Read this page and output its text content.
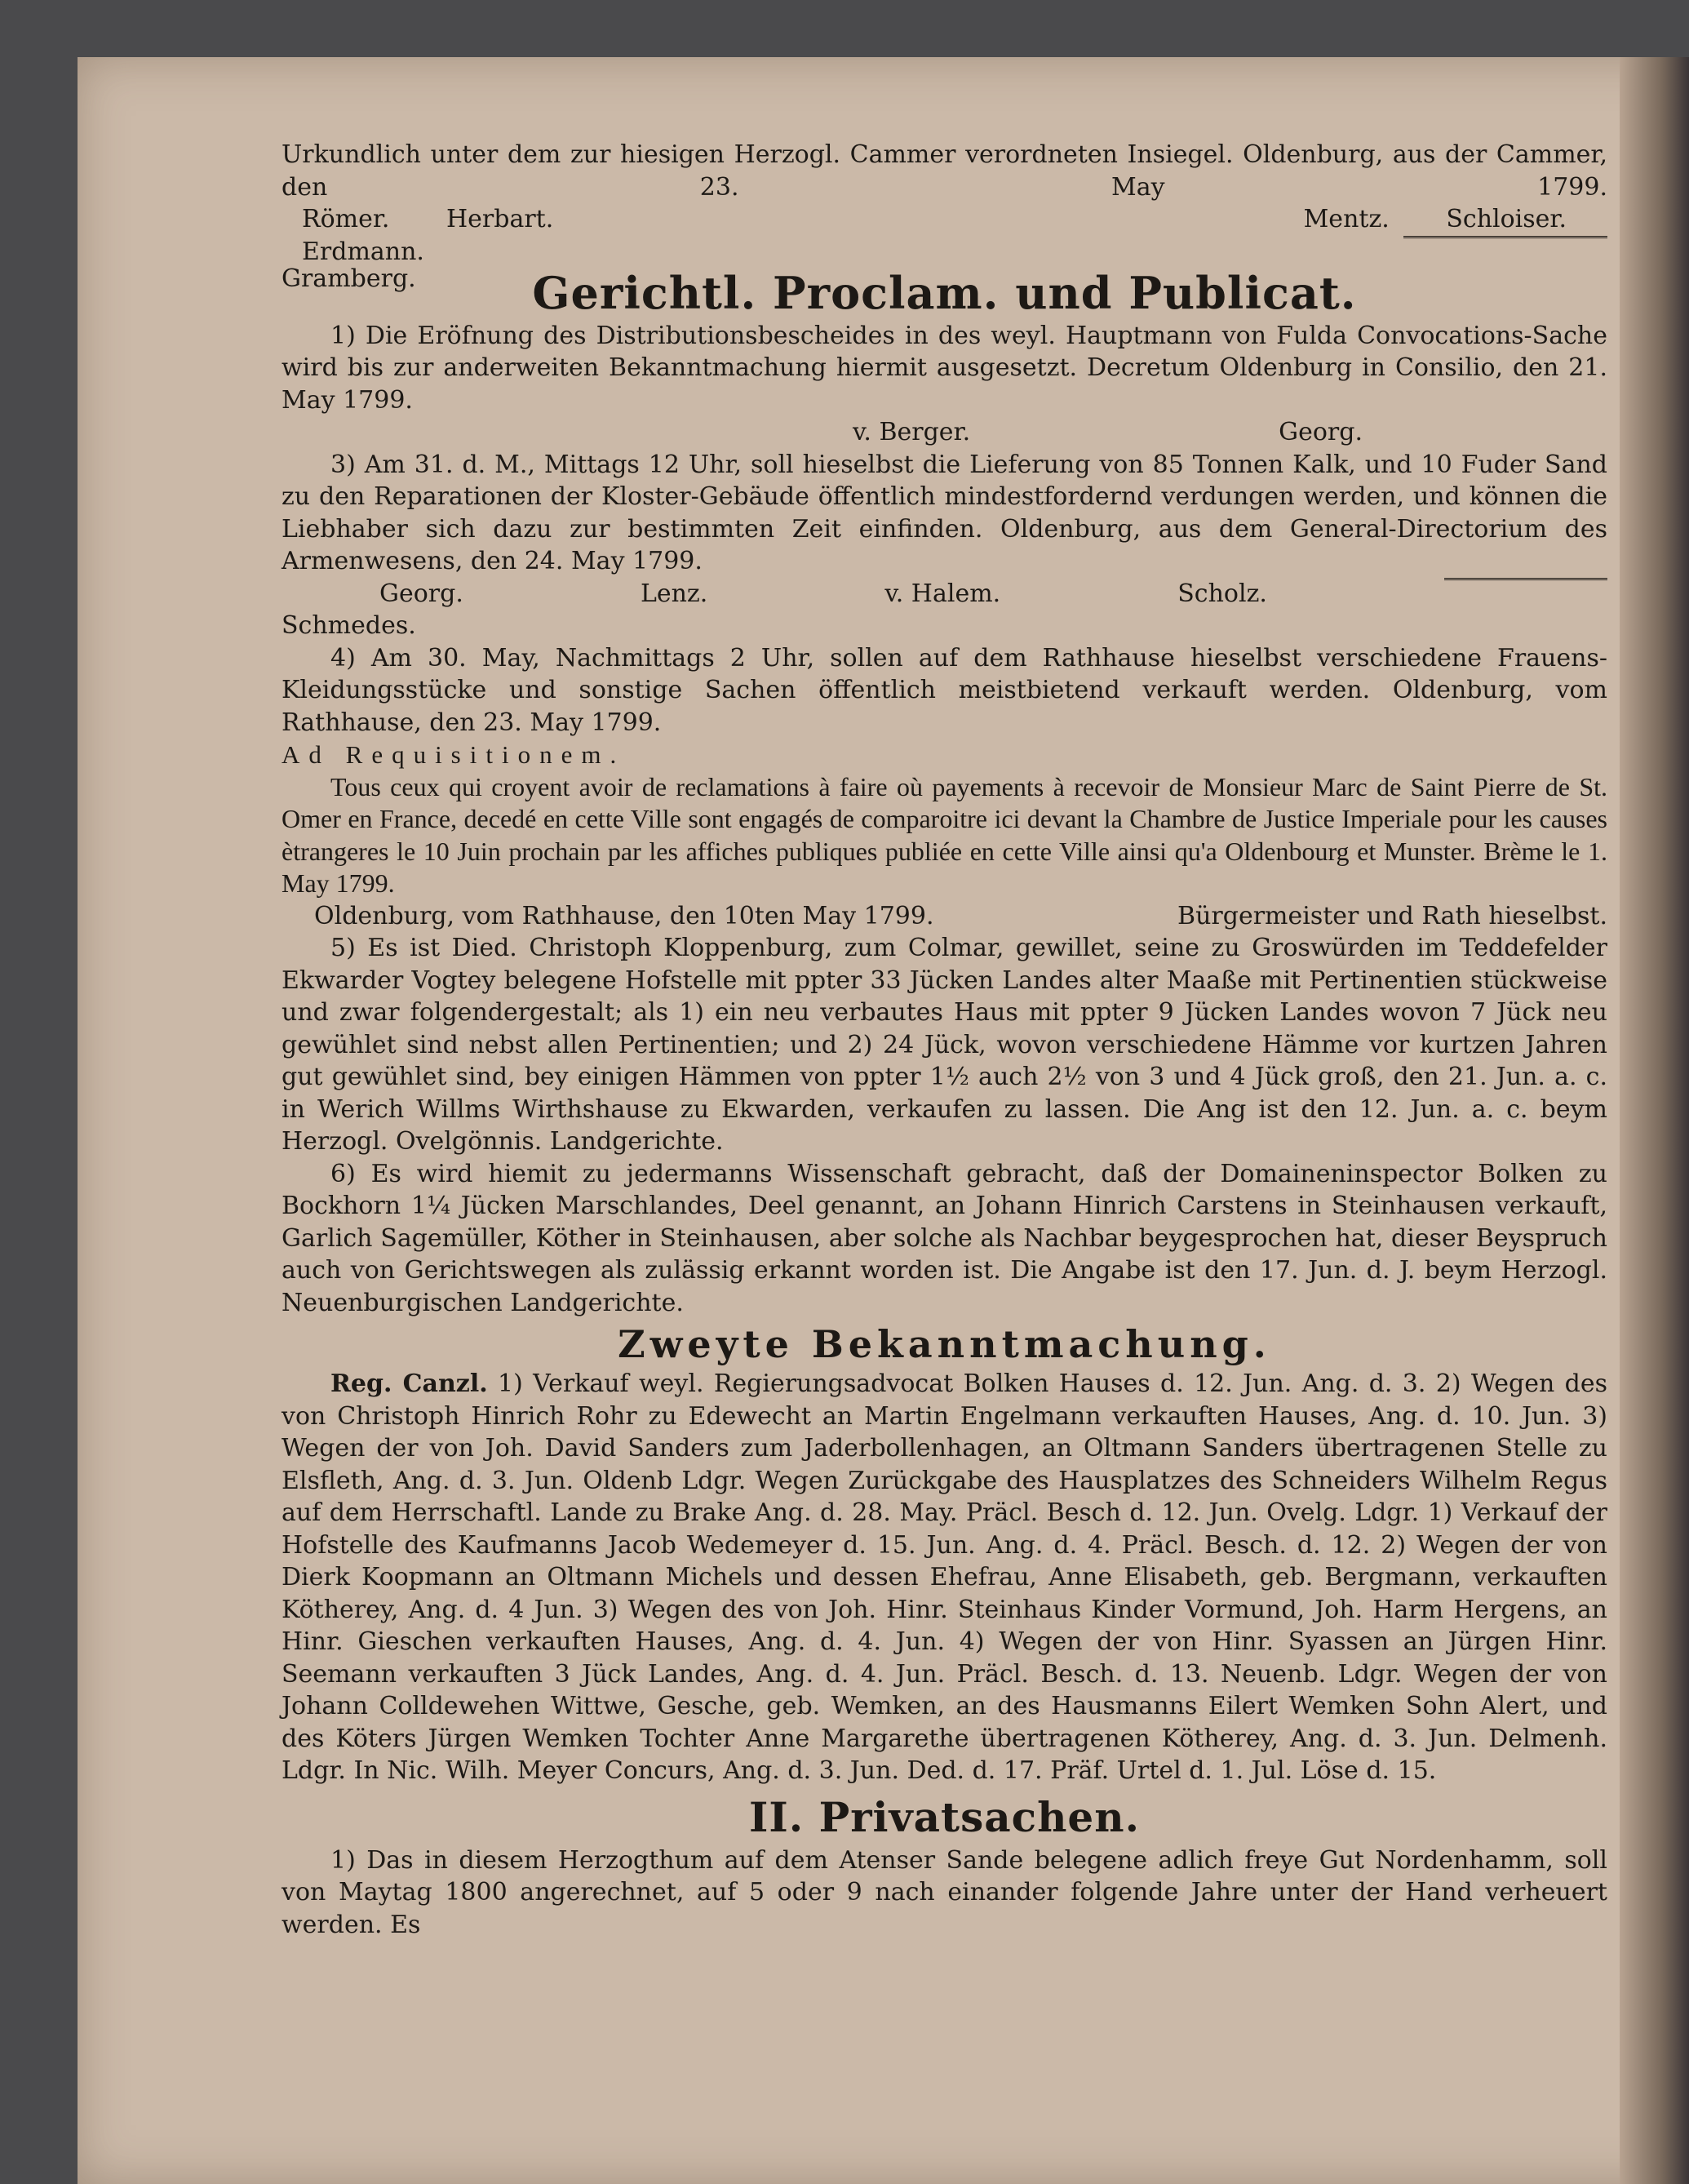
Urkundlich unter dem zur hiesigen Herzogl. Cammer verordneten Insiegel. Oldenburg, aus der Cammer, den 23. May 1799.

Römer. Herbart.	Mentz. Schloiser.
Erdmann.

Gramberg.	Gerichtl. Proclam. und Publicat.

1) Die Eröfnung des Distributionsbescheides in des weyl. Hauptmann von Fulda Convocations-Sache wird bis zur anderweiten Bekanntmachung hiermit ausgesetzt. Decretum Oldenburg in Consilio, den 21. May 1799.

v. Berger.	Georg.

3) Am 31. d. M., Mittags 12 Uhr, soll hieselbst die Lieferung von 85 Tonnen Kalk, und 10 Fuder Sand zu den Reparationen der Kloster-Gebäude öffentlich mindestfordernd verdungen werden, und können die Liebhaber sich dazu zur bestimmten Zeit einfinden. Oldenburg, aus dem General-Directorium des Armenwesens, den 24. May 1799.

Georg.	Lenz.	v. Halem.	Scholz.

Schmedes.

4) Am 30. May, Nachmittags 2 Uhr, sollen auf dem Rathhause hieselbst verschiedene Frauens-Kleidungsstücke und sonstige Sachen öffentlich meistbietend verkauft werden. Oldenburg, vom Rathhause, den 23. May 1799.

Ad Requisitionem.

Tous ceux qui croyent avoir de reclamations à faire où payements à recevoir de Monsieur Marc de Saint Pierre de St. Omer en France, decedé en cette Ville sont engagés de comparoitre ici devant la Chambre de Justice Imperiale pour les causes ètrangeres le 10 Juin prochain par les affiches publiques publiée en cette Ville ainsi qu'a Oldenbourg et Munster. Brème le 1. May 1799.

Oldenburg, vom Rathhause, den 10ten May 1799.	Bürgermeister und Rath hieselbst.

5) Es ist Died. Christoph Kloppenburg, zum Colmar, gewillet, seine zu Groswürden im Teddefelder Ekwarder Vogtey belegene Hofstelle mit ppter 33 Jücken Landes alter Maaße mit Pertinentien stückweise und zwar folgendergestalt; als 1) ein neu verbautes Haus mit ppter 9 Jücken Landes wovon 7 Jück neu gewühlet sind nebst allen Pertinentien; und 2) 24 Jück, wovon verschiedene Hämme vor kurtzen Jahren gut gewühlet sind, bey einigen Hämmen von ppter 1½ auch 2½ von 3 und 4 Jück groß, den 21. Jun. a. c. in Werich Willms Wirthshause zu Ekwarden, verkaufen zu lassen. Die Ang ist den 12. Jun. a. c. beym Herzogl. Ovelgönnis. Landgerichte.

6) Es wird hiemit zu jedermanns Wissenschaft gebracht, daß der Domaineninspector Bolken zu Bockhorn 1¼ Jücken Marschlandes, Deel genannt, an Johann Hinrich Carstens in Steinhausen verkauft, Garlich Sagemüller, Köther in Steinhausen, aber solche als Nachbar beygesprochen hat, dieser Beyspruch auch von Gerichtswegen als zulässig erkannt worden ist. Die Angabe ist den 17. Jun. d. J. beym Herzogl. Neuenburgischen Landgerichte.

Zweyte Bekanntmachung.

Reg. Canzl. 1) Verkauf weyl. Regierungsadvocat Bolken Hauses d. 12. Jun. Ang. d. 3. 2) Wegen des von Christoph Hinrich Rohr zu Edewecht an Martin Engelmann verkauften Hauses, Ang. d. 10. Jun. 3) Wegen der von Joh. David Sanders zum Jaderbollenhagen, an Oltmann Sanders übertragenen Stelle zu Elsfleth, Ang. d. 3. Jun. Oldenb Ldgr. Wegen Zurückgabe des Hausplatzes des Schneiders Wilhelm Regus auf dem Herrschaftl. Lande zu Brake Ang. d. 28. May. Präcl. Besch d. 12. Jun. Ovelg. Ldgr. 1) Verkauf der Hofstelle des Kaufmanns Jacob Wedemeyer d. 15. Jun. Ang. d. 4. Präcl. Besch. d. 12. 2) Wegen der von Dierk Koopmann an Oltmann Michels und dessen Ehefrau, Anne Elisabeth, geb. Bergmann, verkauften Kötherey, Ang. d. 4 Jun. 3) Wegen des von Joh. Hinr. Steinhaus Kinder Vormund, Joh. Harm Hergens, an Hinr. Gieschen verkauften Hauses, Ang. d. 4. Jun. 4) Wegen der von Hinr. Syassen an Jürgen Hinr. Seemann verkauften 3 Jück Landes, Ang. d. 4. Jun. Präcl. Besch. d. 13. Neuenb. Ldgr. Wegen der von Johann Colldewehen Wittwe, Gesche, geb. Wemken, an des Hausmanns Eilert Wemken Sohn Alert, und des Köters Jürgen Wemken Tochter Anne Margarethe übertragenen Kötherey, Ang. d. 3. Jun. Delmenh. Ldgr. In Nic. Wilh. Meyer Concurs, Ang. d. 3. Jun. Ded. d. 17. Präf. Urtel d. 1. Jul. Löse d. 15.

II. Privatsachen.

1) Das in diesem Herzogthum auf dem Atenser Sande belegene adlich freye Gut Nordenhamm, soll von Maytag 1800 angerechnet, auf 5 oder 9 nach einander folgende Jahre unter der Hand verheuert werden. Es
